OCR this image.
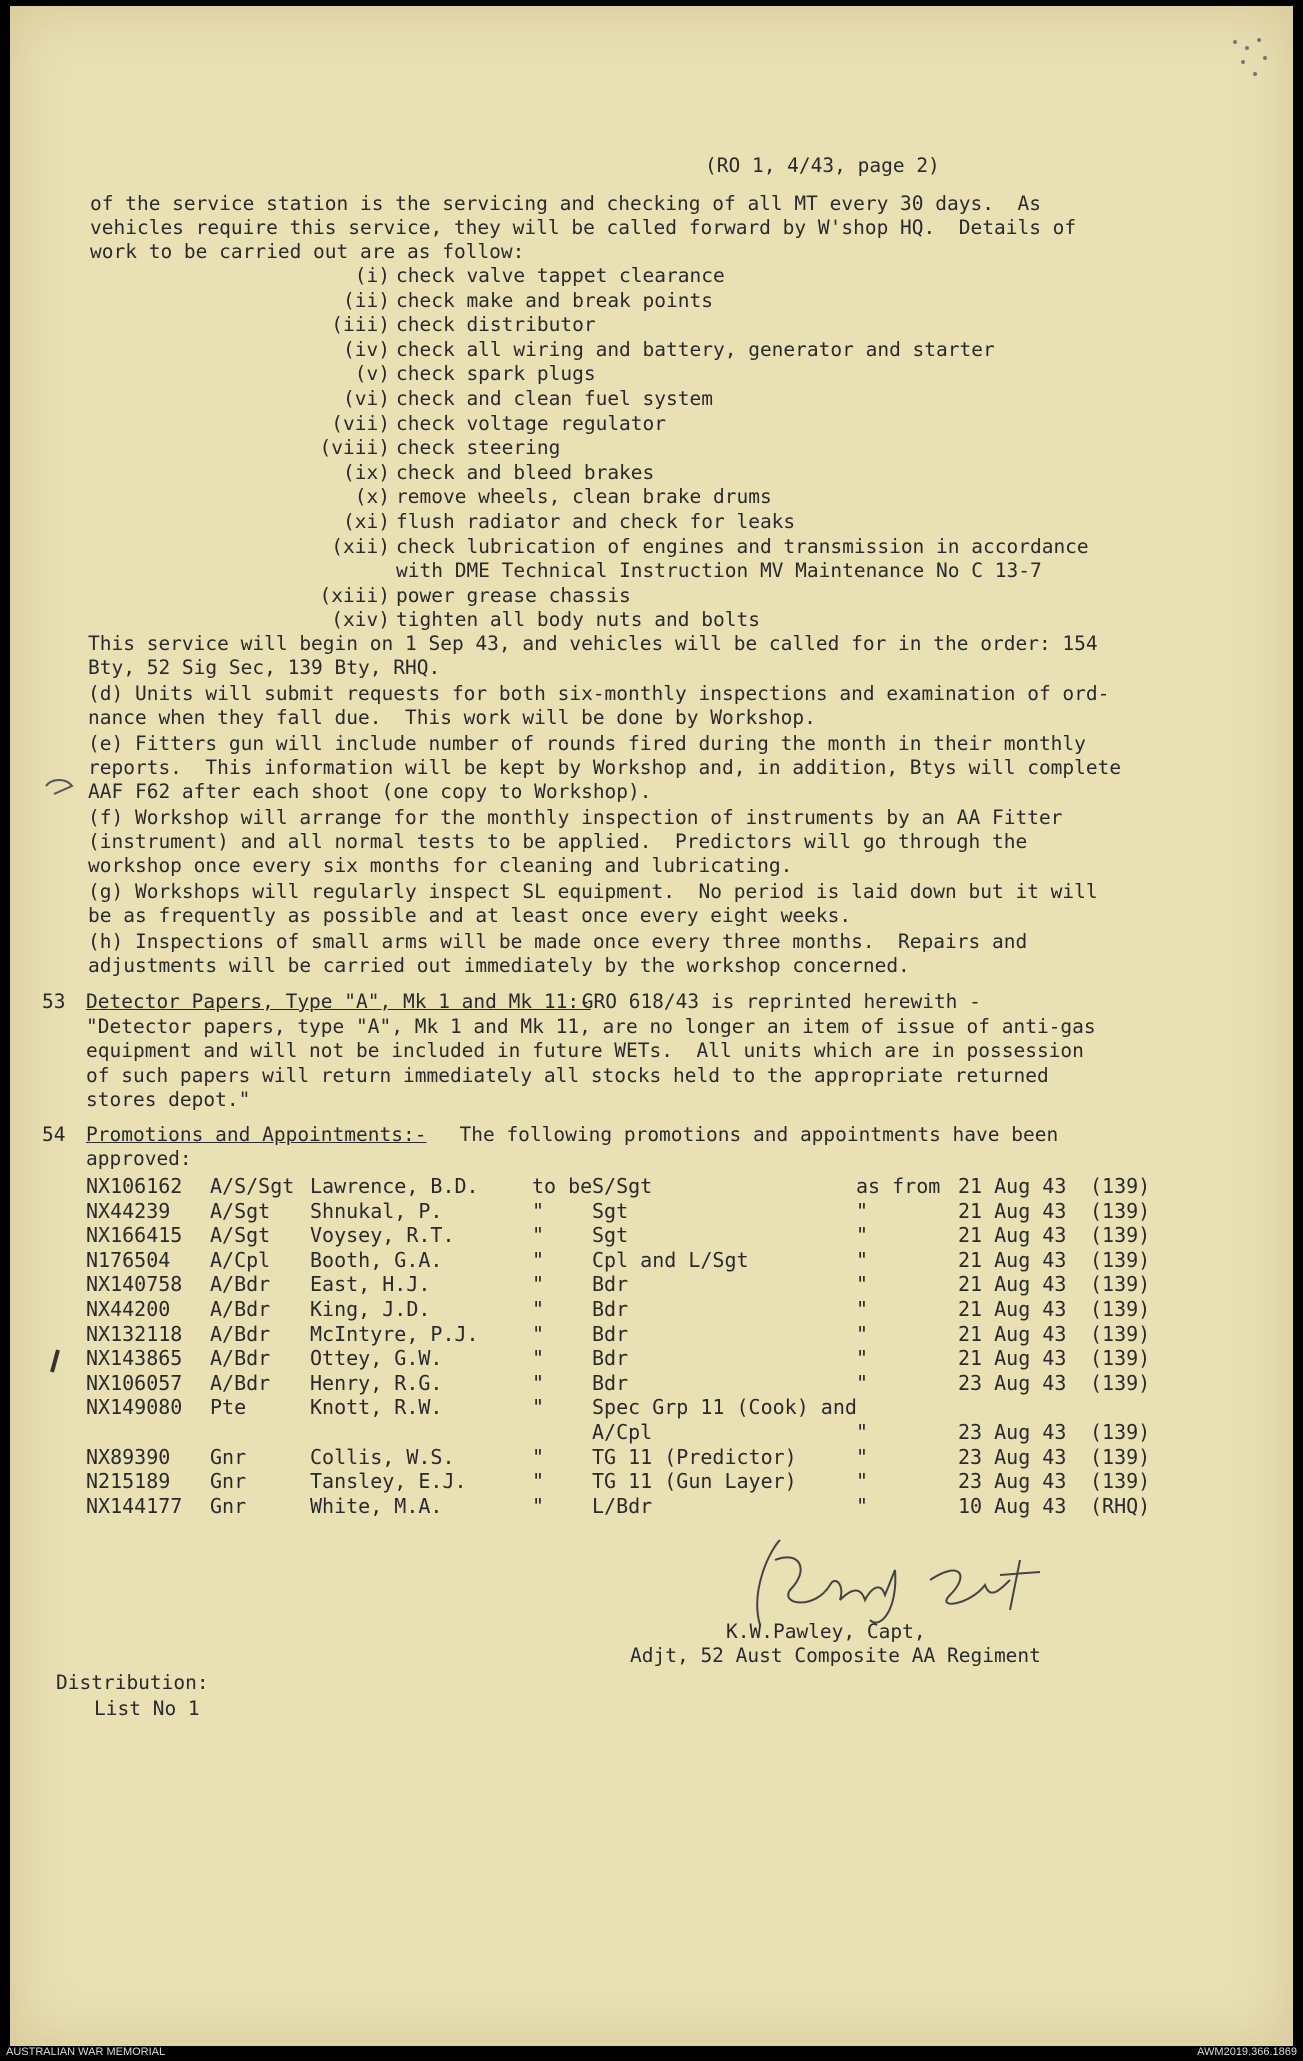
(RO 1, 4/43, page 2)
of the service station is the servicing and checking of all MT every 30 days.  As
vehicles require this service, they will be called forward by W'shop HQ.  Details of
work to be carried out are as follow:
(i) check valve tappet clearance
(ii) check make and break points
(iii) check distributor
(iv) check all wiring and battery, generator and starter
(v) check spark plugs
(vi) check and clean fuel system
(vii) check voltage regulator
(viii) check steering
(ix) check and bleed brakes
(x) remove wheels, clean brake drums
(xi) flush radiator and check for leaks
(xii) check lubrication of engines and transmission in accordance
with DME Technical Instruction MV Maintenance No C 13-7
(xiii) power grease chassis
(xiv) tighten all body nuts and bolts
This service will begin on 1 Sep 43, and vehicles will be called for in the order: 154
Bty, 52 Sig Sec, 139 Bty, RHQ.
(d) Units will submit requests for both six-monthly inspections and examination of ord-
nance when they fall due.  This work will be done by Workshop.
(e) Fitters gun will include number of rounds fired during the month in their monthly
reports.  This information will be kept by Workshop and, in addition, Btys will complete
AAF F62 after each shoot (one copy to Workshop).
(f) Workshop will arrange for the monthly inspection of instruments by an AA Fitter
(instrument) and all normal tests to be applied.  Predictors will go through the
workshop once every six months for cleaning and lubricating.
(g) Workshops will regularly inspect SL equipment.  No period is laid down but it will
be as frequently as possible and at least once every eight weeks.
(h) Inspections of small arms will be made once every three months.  Repairs and
adjustments will be carried out immediately by the workshop concerned.
53 Detector Papers, Type "A", Mk 1 and Mk 11:-
GRO 618/43 is reprinted herewith -
"Detector papers, type "A", Mk 1 and Mk 11, are no longer an item of issue of anti-gas
equipment and will not be included in future WETs.  All units which are in possession
of such papers will return immediately all stocks held to the appropriate returned
stores depot."
54 Promotions and Appointments:-
approved:
The following promotions and appointments have been
NX106162 A/S/Sgt Lawrence, B.D.	to be S/Sgt	as from 21 Aug 43 (139)
NX44239 A/Sgt Shnukal, P.	" Sgt	"	21 Aug 43 (139)
NX166415 A/Sgt Voysey, R.T.	" Sgt	"	21 Aug 43 (139)
N176504 A/Cpl Booth, G.A.	" Cpl and L/Sgt	"	21 Aug 43 (139)
NX140758 A/Bdr East, H.J.	" Bdr	"	21 Aug 43 (139)
NX44200 A/Bdr King, J.D.	" Bdr	"	21 Aug 43 (139)
NX132118 A/Bdr McIntyre, P.J.	" Bdr	"	21 Aug 43 (139)
NX143865 A/Bdr Ottey, G.W.	" Bdr	"	21 Aug 43 (139)
NX106057 A/Bdr Henry, R.G.	" Bdr	"	23 Aug 43 (139)
NX149080 Pte	Knott, R.W.	" Spec Grp 11 (Cook) and
A/Cpl	"	23 Aug 43 (139)
NX89390 Gnr	Collis, W.S.	" TG 11 (Predictor)	"	23 Aug 43 (139)
N215189 Gnr	Tansley, E.J.	" TG 11 (Gun Layer)	"	23 Aug 43 (139)
NX144177 Gnr	White, M.A.	" L/Bdr	"	10 Aug 43 (RHQ)
K.W.Pawley, Capt,
Adjt, 52 Aust Composite AA Regiment
Distribution:
List No 1
AUSTRALIAN WAR MEMORIAL	AWM2019.366.1869
